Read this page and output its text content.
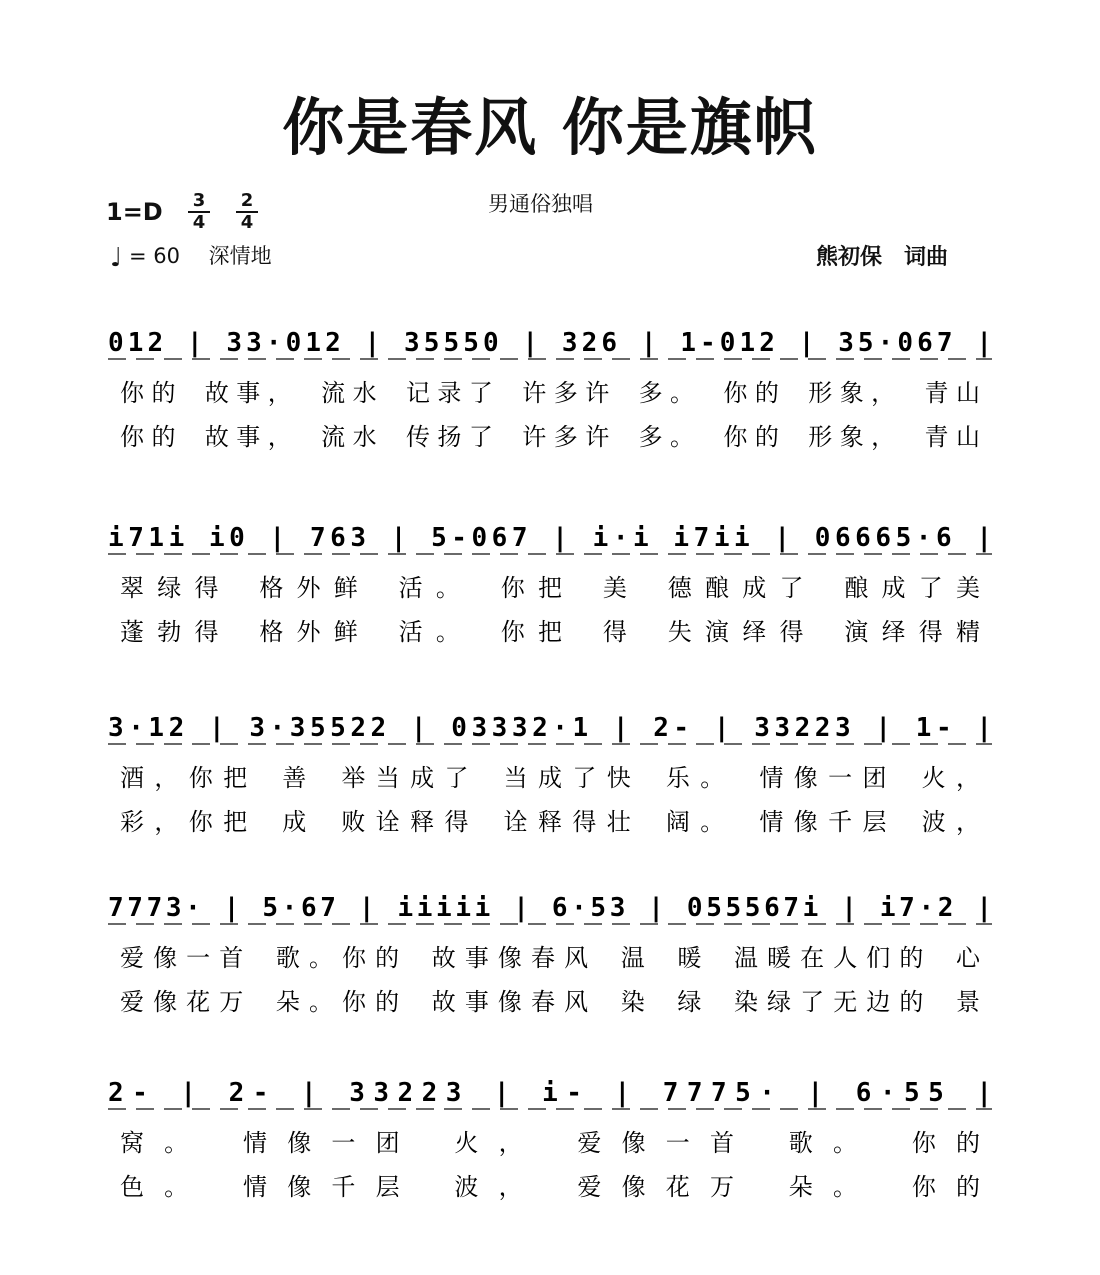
你是春风 你是旗帜
$1=D \frac{3}{4} \frac{2}{4}$	男通俗独唱
♩ = 60 深情地	熊初保　词曲
012 | 33·012 | 35550 | 326 | 1-012 | 35·067 |
你的 故事， 流水 记录了 许多许 多。 你的 形象， 青山
你的 故事， 流水 传扬了 许多许 多。 你的 形象， 青山
i71i i0 | 763 | 5-067 | i·i i7ii | 06665·6 |
翠绿得 格外鲜 活。 你把 美 德酿成了 酿成了美
蓬勃得 格外鲜 活。 你把 得 失演绎得 演绎得精
3·12 | 3·35522 | 03332·1 | 2- | 33223 | 1- |
酒，你把 善 举当成了 当成了快 乐。 情像一团 火，
彩，你把 成 败诠释得 诠释得壮 阔。 情像千层 波，
7773· | 5·67 | iiiii | 6·53 | 055567i | i7·2 |
爱像一首 歌。你的 故事像春风 温 暖 温暖在人们的 心
爱像花万 朵。你的 故事像春风 染 绿 染绿了无边的 景
2- | 2- | 33223 | i- | 7775· | 6·55 |
窝。 情像一团 火， 爱像一首 歌。 你的
色。 情像千层 波， 爱像花万 朵。 你的
